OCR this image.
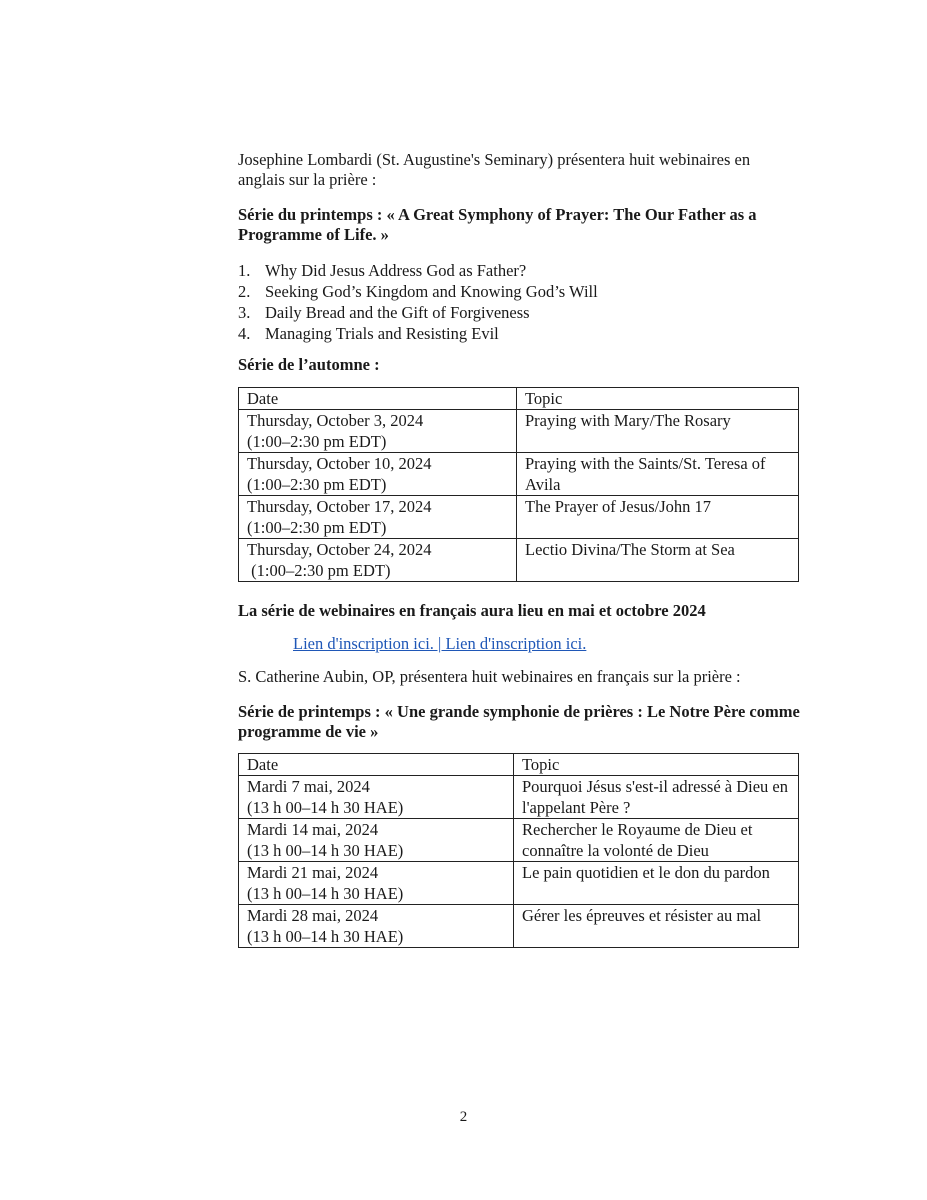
Josephine Lombardi (St. Augustine's Seminary) présentera huit webinaires en anglais sur la prière :

Série du printemps : « A Great Symphony of Prayer: The Our Father as a Programme of Life. »

1. Why Did Jesus Address God as Father?
2. Seeking God’s Kingdom and Knowing God’s Will
3. Daily Bread and the Gift of Forgiveness
4. Managing Trials and Resisting Evil

Série de l’automne :

Date	Topic

Thursday, October 3, 2024
(1:00–2:30 pm EDT)	Praying with Mary/The Rosary

Thursday, October 10, 2024
(1:00–2:30 pm EDT)	Praying with the Saints/St. Teresa of Avila

Thursday, October 17, 2024
(1:00–2:30 pm EDT)	The Prayer of Jesus/John 17

Thursday, October 24, 2024
(1:00–2:30 pm EDT)	Lectio Divina/The Storm at Sea

La série de webinaires en français aura lieu en mai et octobre 2024

Lien d'inscription ici. | Lien d'inscription ici.

S. Catherine Aubin, OP, présentera huit webinaires en français sur la prière :

Série de printemps : « Une grande symphonie de prières : Le Notre Père comme programme de vie »

Date	Topic

Mardi 7 mai, 2024
(13 h 00–14 h 30 HAE)	Pourquoi Jésus s'est-il adressé à Dieu en l'appelant Père ?

Mardi 14 mai, 2024
(13 h 00–14 h 30 HAE)	Rechercher le Royaume de Dieu et connaître la volonté de Dieu

Mardi 21 mai, 2024
(13 h 00–14 h 30 HAE)	Le pain quotidien et le don du pardon

Mardi 28 mai, 2024
(13 h 00–14 h 30 HAE)	Gérer les épreuves et résister au mal
2
